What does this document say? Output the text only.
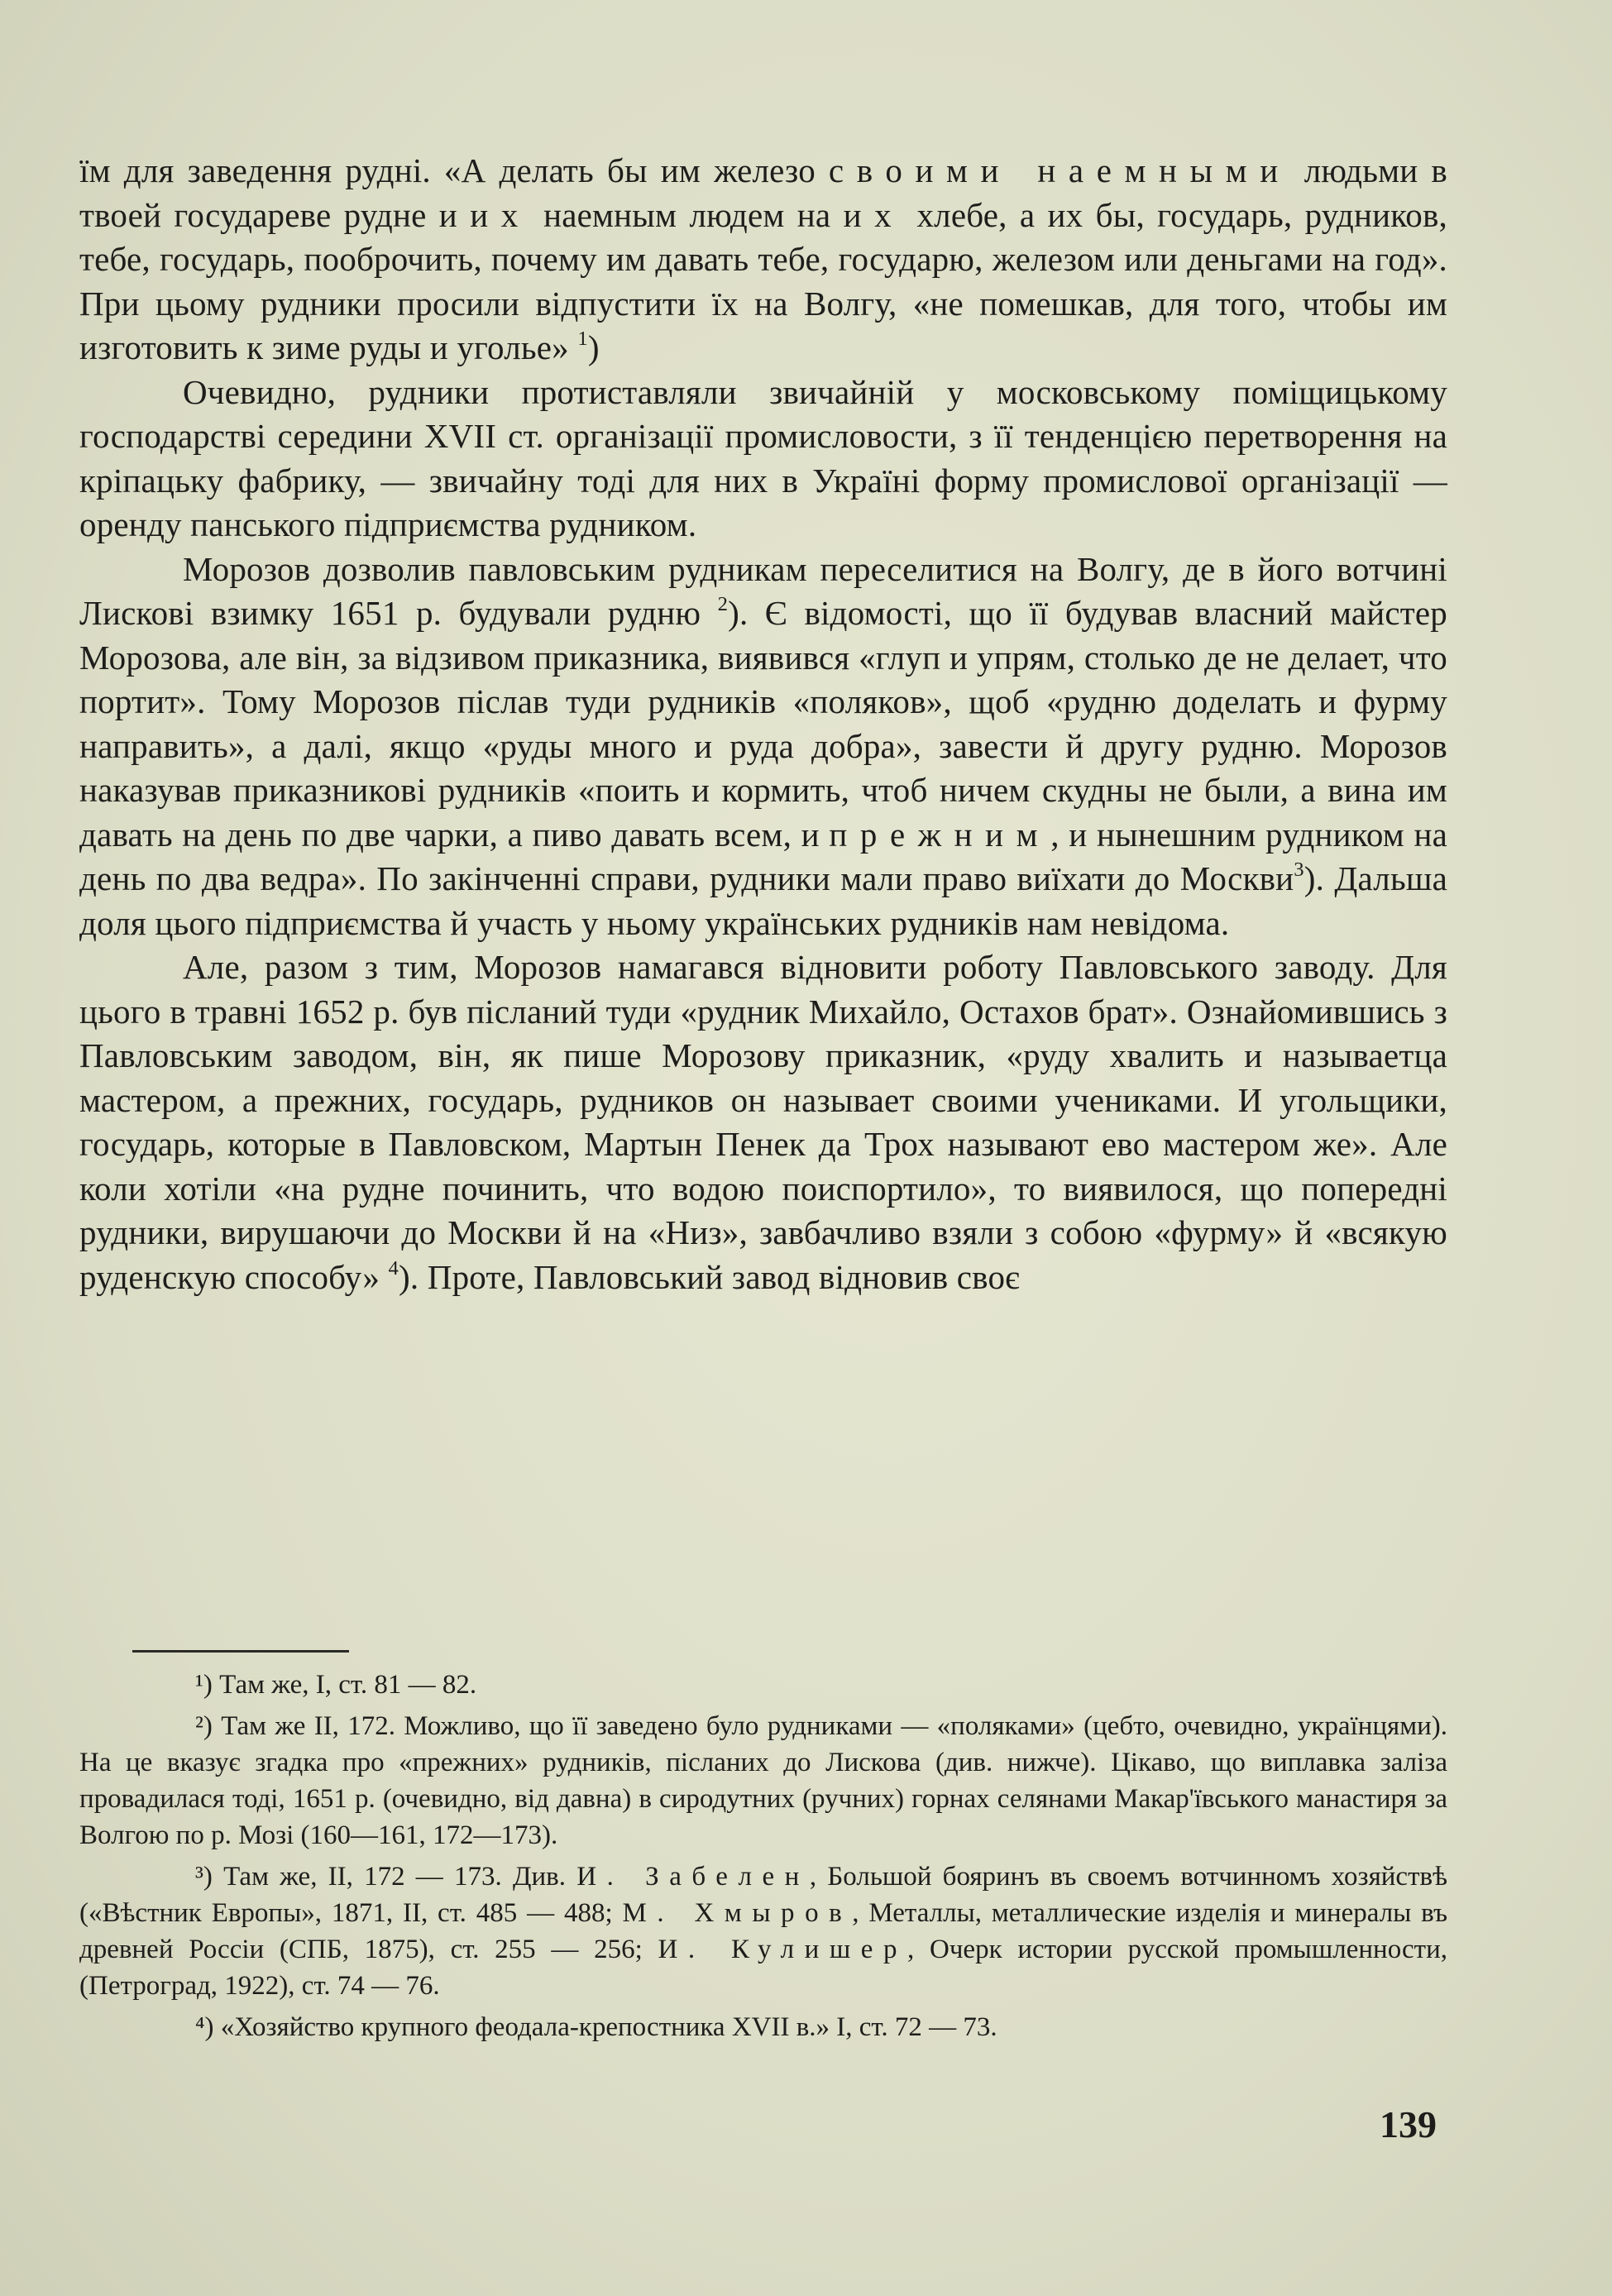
їм для заведення рудні. «А делать бы им железо своими наемными людьми в твоей государеве рудне и их наемным людем на их хлебе, а их бы, государь, рудников, тебе, государь, пооброчить, почему им давать тебе, государю, железом или деньгами на год». При цьому рудники просили відпустити їх на Волгу, «не помешкав, для того, чтобы им изготовить к зиме руды и уголье» $^1$)

Очевидно, рудники протиставляли звичайній у московському поміщицькому господарстві середини XVII ст. організації промисловости, з її тенденцією перетворення на кріпацьку фабрику, — звичайну тоді для них в Україні форму промислової організації — оренду панського підприємства рудником.

Морозов дозволив павловським рудникам переселитися на Волгу, де в його вотчині Лискові взимку 1651 р. будували рудню $^2$). Є відомості, що її будував власний майстер Морозова, але він, за відзивом приказника, виявився «глуп и упрям, столько де не делает, что портит». Тому Морозов післав туди рудників «поляков», щоб «рудню доделать и фурму направить», а далі, якщо «руды много и руда добра», завести й другу рудню. Морозов наказував приказникові рудників «поить и кормить, чтоб ничем скудны не были, а вина им давать на день по две чарки, а пиво давать всем, и прежним, и нынешним рудником на день по два ведра». По закінченні справи, рудники мали право виїхати до Москви$^3$). Дальша доля цього підприємства й участь у ньому українських рудників нам невідома.

Але, разом з тим, Морозов намагався відновити роботу Павловського заводу. Для цього в травні 1652 р. був післаний туди «рудник Михайло, Остахов брат». Ознайомившись з Павловським заводом, він, як пише Морозову приказник, «руду хвалить и называетца мастером, а прежних, государь, рудников он называет своими учениками. И угольщики, государь, которые в Павловском, Мартын Пенек да Трох называют ево мастером же». Але коли хотіли «на рудне починить, что водою поиспортило», то виявилося, що попередні рудники, вирушаючи до Москви й на «Низ», завбачливо взяли з собою «фурму» й «всякую руденскую способу» $^4$). Проте, Павловський завод відновив своє

¹) Там же, I, ст. 81 — 82.

²) Там же II, 172. Можливо, що її заведено було рудниками — «поляками» (цебто, очевидно, українцями). На це вказує згадка про «прежних» рудників, післаних до Лискова (див. нижче). Цікаво, що виплавка заліза провадилася тоді, 1651 р. (очевидно, від давна) в сиродутних (ручних) горнах селянами Макар'ївського манастиря за Волгою по р. Мозі (160—161, 172—173).

³) Там же, II, 172 — 173. Див. И. Забелен, Большой бояринъ въ своемъ вотчинномъ хозяйствѣ («Вѣстник Европы», 1871, II, ст. 485 — 488; М. Хмыров, Металлы, металлические изделія и минералы въ древней Россіи (СПБ, 1875), ст. 255 — 256; И. Кулишер, Очерк истории русской промышленности, (Петроград, 1922), ст. 74 — 76.

⁴) «Хозяйство крупного феодала-крепостника XVII в.» I, ст. 72 — 73.

139
